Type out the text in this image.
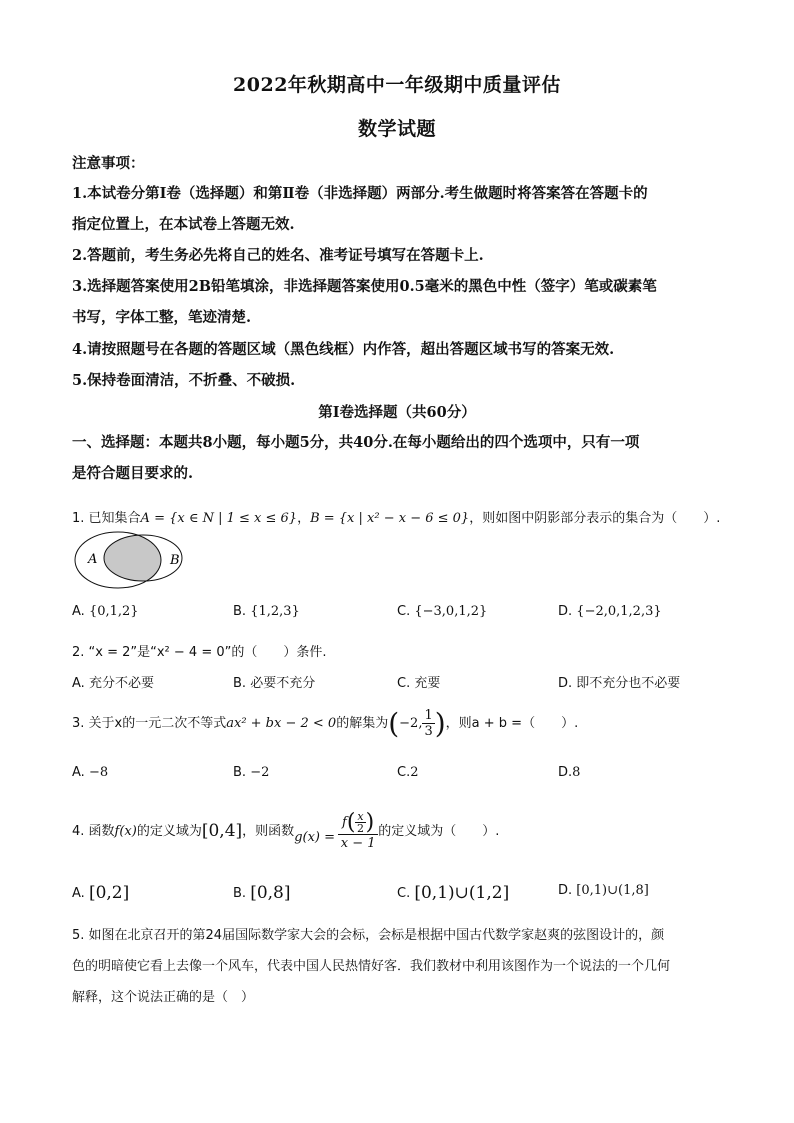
2022年秋期高中一年级期中质量评估
数学试题
注意事项：
1.本试卷分第Ⅰ卷（选择题）和第Ⅱ卷（非选择题）两部分.考生做题时将答案答在答题卡的
指定位置上，在本试卷上答题无效.
2.答题前，考生务必先将自己的姓名、准考证号填写在答题卡上.
3.选择题答案使用2B铅笔填涂，非选择题答案使用0.5毫米的黑色中性（签字）笔或碳素笔
书写，字体工整，笔迹清楚.
4.请按照题号在各题的答题区域（黑色线框）内作答，超出答题区域书写的答案无效.
5.保持卷面清洁，不折叠、不破损.
第Ⅰ卷选择题（共60分）
一、选择题：本题共8小题，每小题5分，共40分.在每小题给出的四个选项中，只有一项
是符合题目要求的.
1. 已知集合A = {x ∈ N | 1 ≤ x ≤ 6}，B = {x | x² − x − 6 ≤ 0}，则如图中阴影部分表示的集合为（　　）.
A	B
A. {0,1,2}	B. {1,2,3}	C. {−3,0,1,2}	D. {−2,0,1,2,3}
2. “x = 2”是“x² − 4 = 0”的（　　）条件.
A. 充分不必要	B. 必要不充分	C. 充要	D. 即不充分也不必要
3. 关于x的一元二次不等式ax² + bx − 2 < 0的解集为(−2, $\frac{1}{3}$ )，则a + b =（　　）.
A. −8	B. −2	C.2	D.8
4. 函数f(x)的定义域为[0,4]，则函数$g(x) = \frac{f( \frac{x}{2} )}{x - 1}$ 的定义域为（　　）.
A. [0,2]	B. [0,8]	C. [0,1)∪(1,2]	D. [0,1)∪(1,8]
5. 如图在北京召开的第24届国际数学家大会的会标，会标是根据中国古代数学家赵爽的弦图设计的，颜
色的明暗使它看上去像一个风车，代表中国人民热情好客．我们教材中利用该图作为一个说法的一个几何
解释，这个说法正确的是（　）
